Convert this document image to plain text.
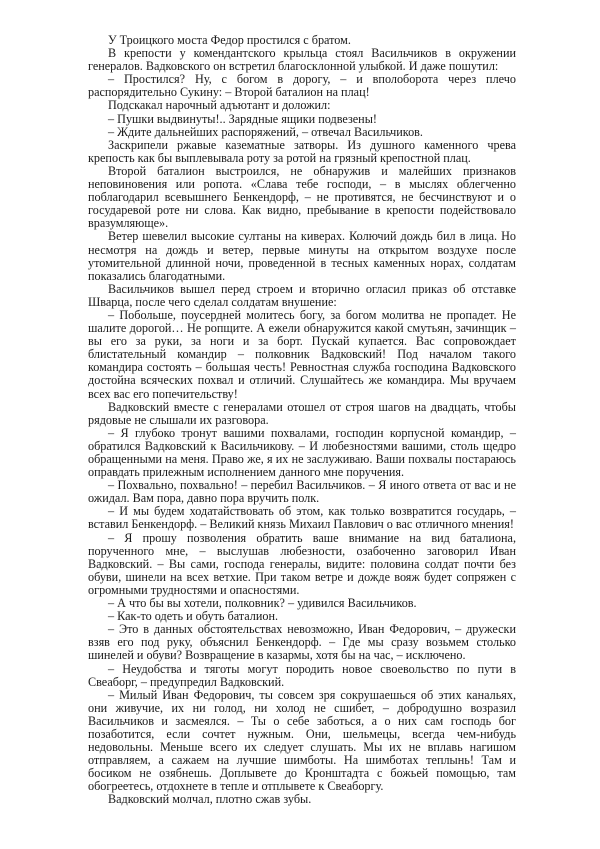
У Троицкого моста Федор простился с братом.

В крепости у комендантского крыльца стоял Васильчиков в окружении генералов. Вадковского он встретил благосклонной улыбкой. И даже пошутил:

– Простился? Ну, с богом в дорогу, – и вполоборота через плечо распорядительно Сукину: – Второй баталион на плац!

Подскакал нарочный адъютант и доложил:

– Пушки выдвинуты!.. Зарядные ящики подвезены!

– Ждите дальнейших распоряжений, – отвечал Васильчиков.

Заскрипели ржавые казематные затворы. Из душного каменного чрева крепость как бы выплевывала роту за ротой на грязный крепостной плац.

Второй баталион выстроился, не обнаружив и малейших признаков неповиновения или ропота. «Слава тебе господи, – в мыслях облегченно поблагодарил всевышнего Бенкендорф, – не противятся, не бесчинствуют и о государевой роте ни слова. Как видно, пребывание в крепости подействовало вразумляюще».

Ветер шевелил высокие султаны на киверах. Колючий дождь бил в лица. Но несмотря на дождь и ветер, первые минуты на открытом воздухе после утомительной длинной ночи, проведенной в тесных каменных норах, солдатам показались благодатными.

Васильчиков вышел перед строем и вторично огласил приказ об отставке Шварца, после чего сделал солдатам внушение:

– Побольше, поусердней молитесь богу, за богом молитва не пропадет. Не шалите дорогой… Не ропщите. А ежели обнаружится какой смутьян, зачинщик – вы его за руки, за ноги и за борт. Пускай купается. Вас сопровождает блистательный командир – полковник Вадковский! Под началом такого командира состоять – большая честь! Ревностная служба господина Вадковского достойна всяческих похвал и отличий. Слушайтесь же командира. Мы вручаем всех вас его попечительству!

Вадковский вместе с генералами отошел от строя шагов на двадцать, чтобы рядовые не слышали их разговора.

– Я глубоко тронут вашими похвалами, господин корпусной командир, – обратился Вадковский к Васильчикову. – И любезностями вашими, столь щедро обращенными на меня. Право же, я их не заслуживаю. Ваши похвалы постараюсь оправдать прилежным исполнением данного мне поручения.

– Похвально, похвально! – перебил Васильчиков. – Я иного ответа от вас и не ожидал. Вам пора, давно пора вручить полк.

– И мы будем ходатайствовать об этом, как только возвратится государь, – вставил Бенкендорф. – Великий князь Михаил Павлович о вас отличного мнения!

– Я прошу позволения обратить ваше внимание на вид баталиона, порученного мне, – выслушав любезности, озабоченно заговорил Иван Вадковский. – Вы сами, господа генералы, видите: половина солдат почти без обуви, шинели на всех ветхие. При таком ветре и дожде вояж будет сопряжен с огромными трудностями и опасностями.

– А что бы вы хотели, полковник? – удивился Васильчиков.

– Как-то одеть и обуть баталион.

– Это в данных обстоятельствах невозможно, Иван Федорович, – дружески взяв его под руку, объяснил Бенкендорф. – Где мы сразу возьмем столько шинелей и обуви? Возвращение в казармы, хотя бы на час, – исключено.

– Неудобства и тяготы могут породить новое своевольство по пути в Свеаборг, – предупредил Вадковский.

– Милый Иван Федорович, ты совсем зря сокрушаешься об этих канальях, они живучие, их ни голод, ни холод не сшибет, – добродушно возразил Васильчиков и засмеялся. – Ты о себе заботься, а о них сам господь бог позаботится, если сочтет нужным. Они, шельмецы, всегда чем-нибудь недовольны. Меньше всего их следует слушать. Мы их не вплавь нагишом отправляем, а сажаем на лучшие шимботы. На шимботах теплынь! Там и босиком не озябнешь. Доплывете до Кронштадта с божьей помощью, там обогреетесь, отдохнете в тепле и отплывете к Свеаборгу.

Вадковский молчал, плотно сжав зубы.
